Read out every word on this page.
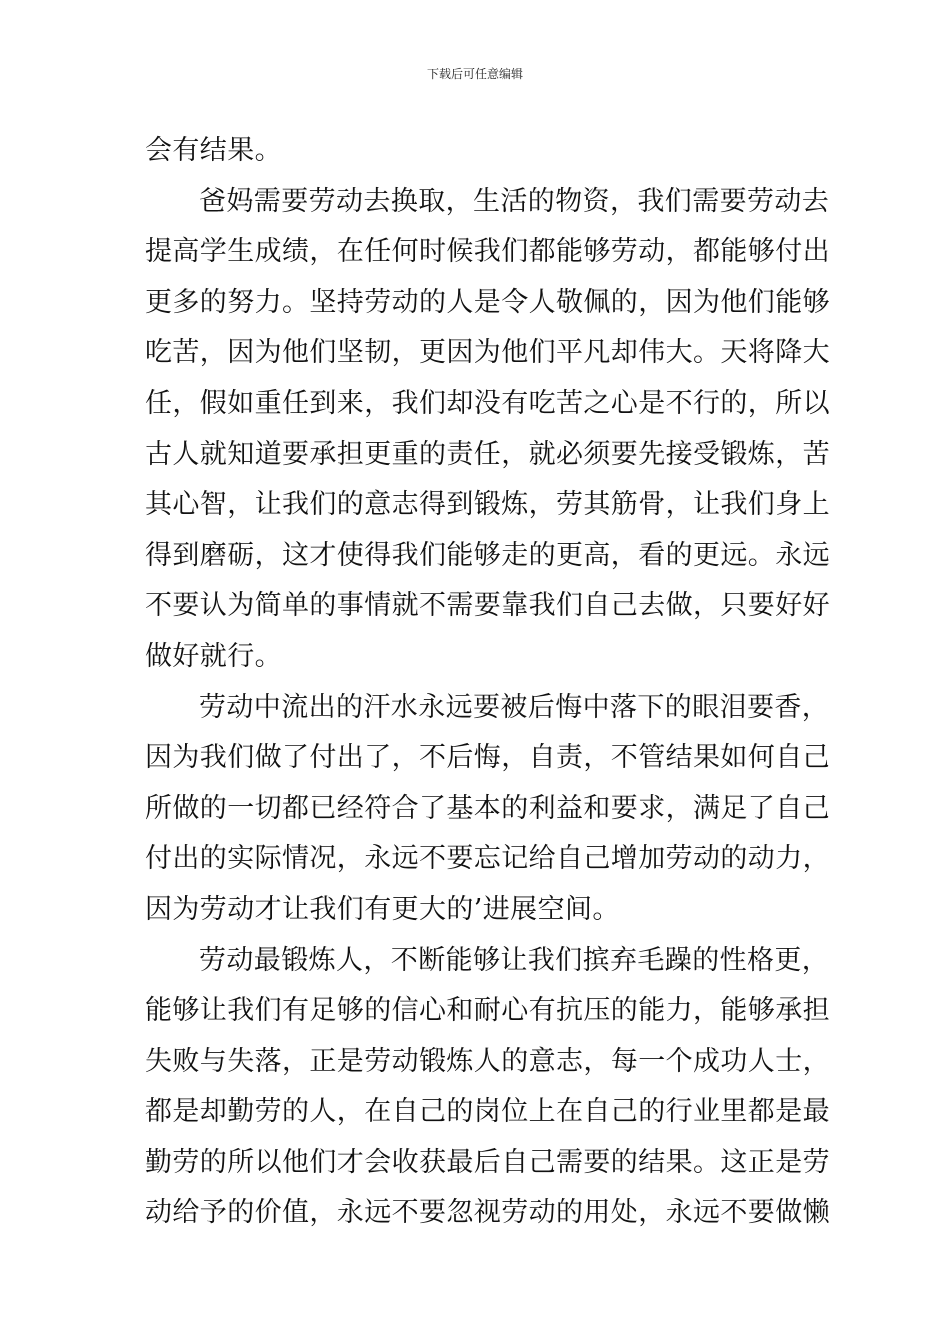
下载后可任意编辑
会有结果。
爸妈需要劳动去换取，生活的物资，我们需要劳动去
提高学生成绩，在任何时候我们都能够劳动，都能够付出
更多的努力。坚持劳动的人是令人敬佩的，因为他们能够
吃苦，因为他们坚韧，更因为他们平凡却伟大。天将降大
任，假如重任到来，我们却没有吃苦之心是不行的，所以
古人就知道要承担更重的责任，就必须要先接受锻炼，苦
其心智，让我们的意志得到锻炼，劳其筋骨，让我们身上
得到磨砺，这才使得我们能够走的更高，看的更远。永远
不要认为简单的事情就不需要靠我们自己去做，只要好好
做好就行。
劳动中流出的汗水永远要被后悔中落下的眼泪要香，
因为我们做了付出了，不后悔，自责，不管结果如何自己
所做的一切都已经符合了基本的利益和要求，满足了自己
付出的实际情况，永远不要忘记给自己增加劳动的动力，
因为劳动才让我们有更大的’进展空间。
劳动最锻炼人，不断能够让我们摈弃毛躁的性格更，
能够让我们有足够的信心和耐心有抗压的能力，能够承担
失败与失落，正是劳动锻炼人的意志，每一个成功人士，
都是却勤劳的人，在自己的岗位上在自己的行业里都是最
勤劳的所以他们才会收获最后自己需要的结果。这正是劳
动给予的价值，永远不要忽视劳动的用处，永远不要做懒
